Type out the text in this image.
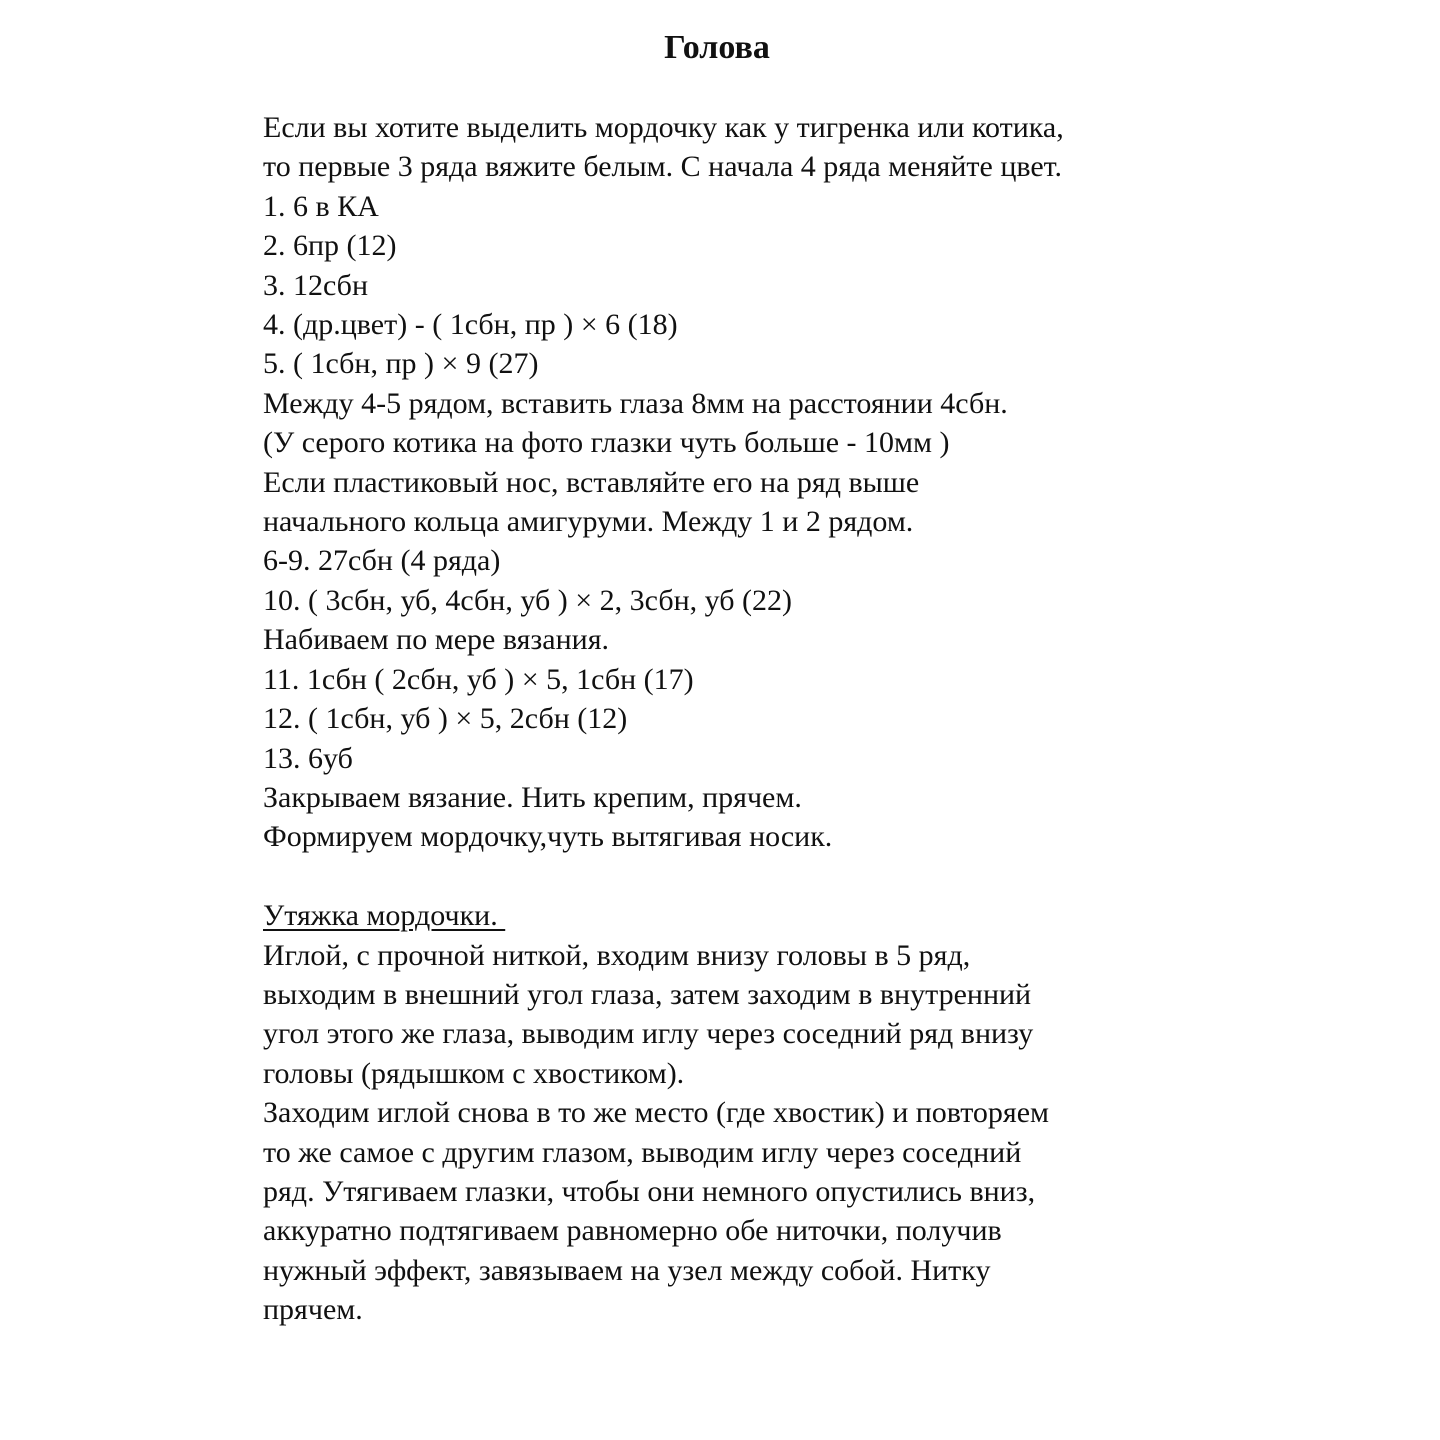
Голова
Если вы хотите выделить мордочку как у тигренка или котика,
то первые 3 ряда вяжите белым. С начала 4 ряда меняйте цвет.
1. 6 в КА
2. 6пр (12)
3. 12сбн
4. (др.цвет) - ( 1сбн, пр ) × 6 (18)
5. ( 1сбн, пр ) × 9 (27)
Между 4-5 рядом, вставить глаза 8мм на расстоянии 4сбн.
(У серого котика на фото глазки чуть больше - 10мм )
Если пластиковый нос, вставляйте его на ряд выше
начального кольца амигуруми. Между 1 и 2 рядом.
6-9. 27сбн (4 ряда)
10. ( 3сбн, уб, 4сбн, уб ) × 2, 3сбн, уб (22)
Набиваем по мере вязания.
11. 1сбн ( 2сбн, уб ) × 5, 1сбн (17)
12. ( 1сбн, уб ) × 5, 2сбн (12)
13. 6уб
Закрываем вязание. Нить крепим, прячем.
Формируем мордочку,чуть вытягивая носик.
Утяжка мордочки.
Иглой, с прочной ниткой, входим внизу головы в 5 ряд,
выходим в внешний угол глаза, затем заходим в внутренний
угол этого же глаза, выводим иглу через соседний ряд внизу
головы (рядышком с хвостиком).
Заходим иглой снова в то же место (где хвостик) и повторяем
то же самое с другим глазом, выводим иглу через соседний
ряд. Утягиваем глазки, чтобы они немного опустились вниз,
аккуратно подтягиваем равномерно обе ниточки, получив
нужный эффект, завязываем на узел между собой. Нитку
прячем.
